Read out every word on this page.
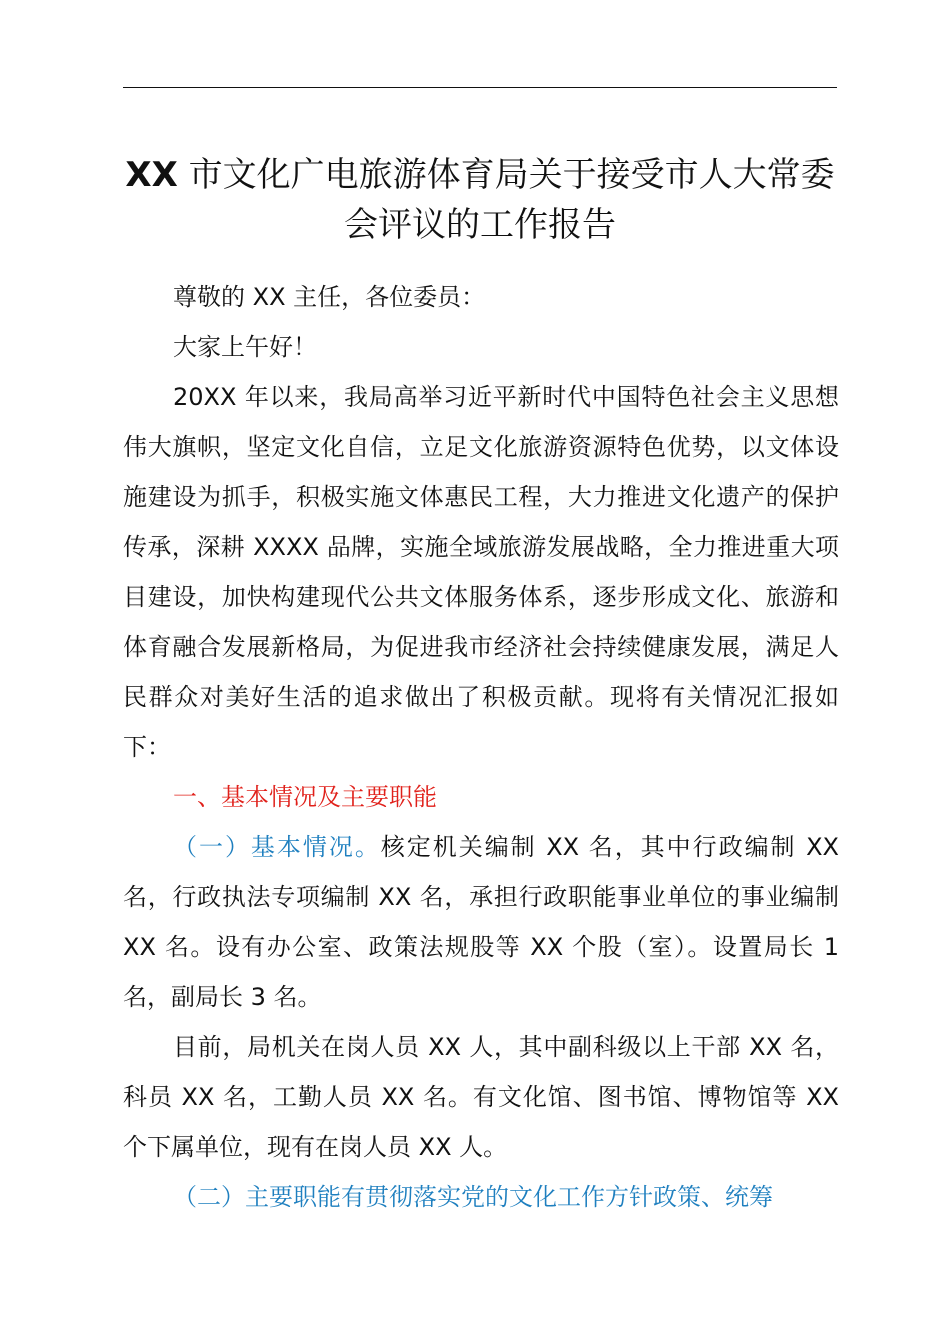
XX 市文化广电旅游体育局关于接受市人大常委会评议的工作报告

尊敬的 XX 主任，各位委员：

大家上午好！

20XX 年以来，我局高举习近平新时代中国特色社会主义思想伟大旗帜，坚定文化自信，立足文化旅游资源特色优势，以文体设施建设为抓手，积极实施文体惠民工程，大力推进文化遗产的保护传承，深耕 XXXX 品牌，实施全域旅游发展战略，全力推进重大项目建设，加快构建现代公共文体服务体系，逐步形成文化、旅游和体育融合发展新格局，为促进我市经济社会持续健康发展，满足人民群众对美好生活的追求做出了积极贡献。现将有关情况汇报如下：

一、基本情况及主要职能

（一）基本情况。核定机关编制 XX 名，其中行政编制 XX 名，行政执法专项编制 XX 名，承担行政职能事业单位的事业编制 XX 名。设有办公室、政策法规股等 XX 个股（室）。设置局长 1 名，副局长 3 名。

目前，局机关在岗人员 XX 人，其中副科级以上干部 XX 名，科员 XX 名，工勤人员 XX 名。有文化馆、图书馆、博物馆等 XX 个下属单位，现有在岗人员 XX 人。

（二）主要职能有贯彻落实党的文化工作方针政策、统筹
